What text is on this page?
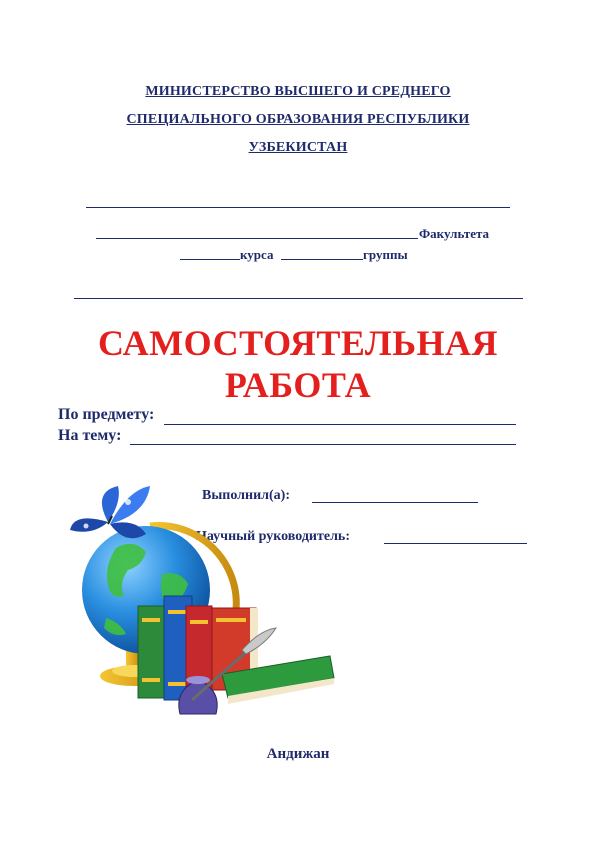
МИНИСТЕРСТВО ВЫСШЕГО И СРЕДНЕГО
СПЕЦИАЛЬНОГО ОБРАЗОВАНИЯ РЕСПУБЛИКИ
УЗБЕКИСТАН
Факультета
курса	группы
САМОСТОЯТЕЛЬНАЯ
РАБОТА
По предмету:
На тему:
Выполнил(а):
Научный руководитель:
Андижан
